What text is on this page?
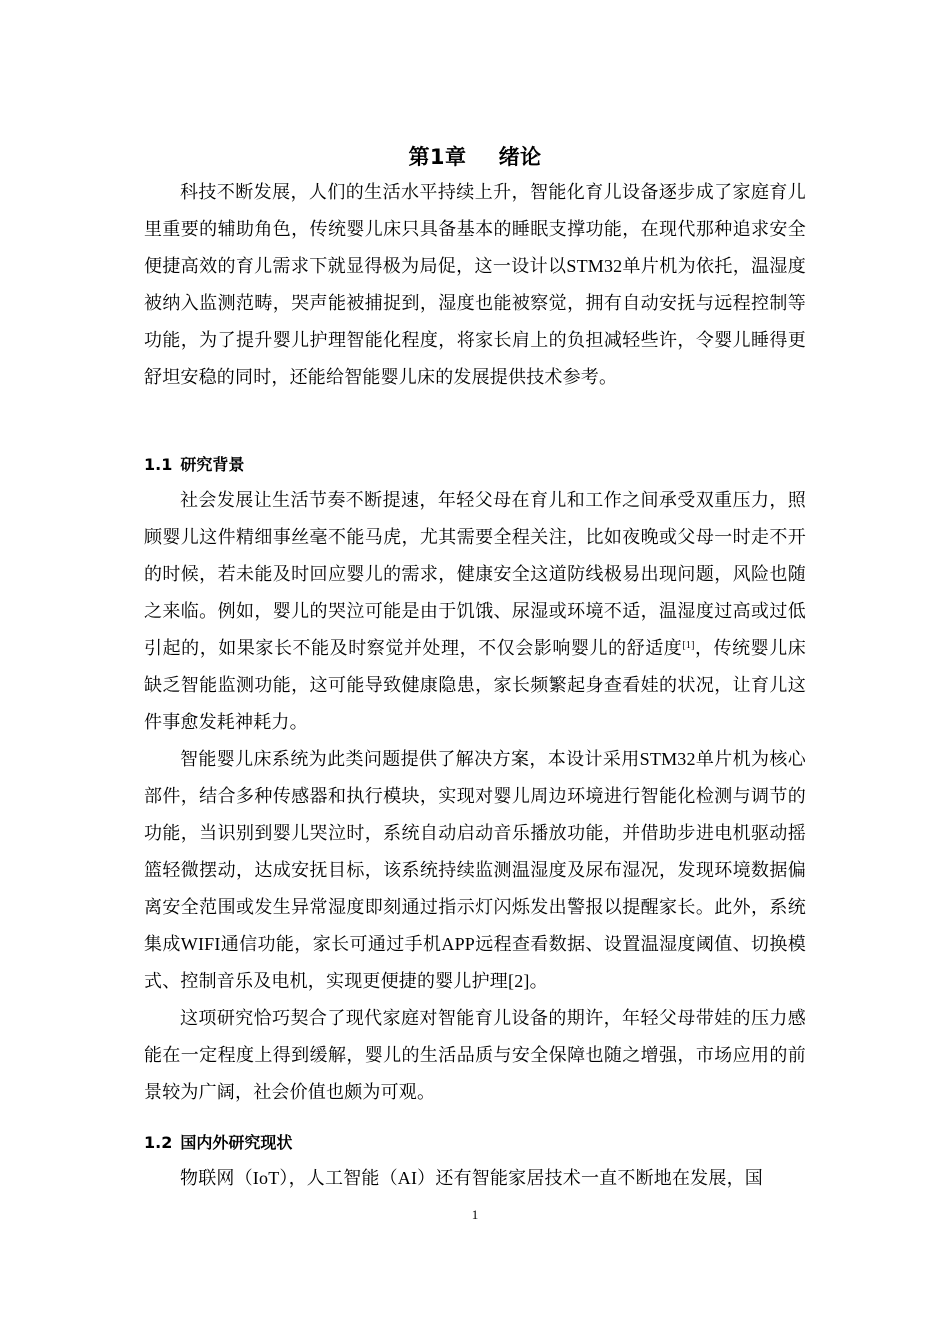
第1章 绪论

科技不断发展，人们的生活水平持续上升，智能化育儿设备逐步成了家庭育儿里重要的辅助角色，传统婴儿床只具备基本的睡眠支撑功能，在现代那种追求安全便捷高效的育儿需求下就显得极为局促，这一设计以STM32单片机为依托，温湿度被纳入监测范畴，哭声能被捕捉到，湿度也能被察觉，拥有自动安抚与远程控制等功能，为了提升婴儿护理智能化程度，将家长肩上的负担减轻些许，令婴儿睡得更舒坦安稳的同时，还能给智能婴儿床的发展提供技术参考。

1.1 研究背景

社会发展让生活节奏不断提速，年轻父母在育儿和工作之间承受双重压力，照顾婴儿这件精细事丝毫不能马虎，尤其需要全程关注，比如夜晚或父母一时走不开的时候，若未能及时回应婴儿的需求，健康安全这道防线极易出现问题，风险也随之来临。例如，婴儿的哭泣可能是由于饥饿、尿湿或环境不适，温湿度过高或过低引起的，如果家长不能及时察觉并处理，不仅会影响婴儿的舒适度[1]，传统婴儿床缺乏智能监测功能，这可能导致健康隐患，家长频繁起身查看娃的状况，让育儿这件事愈发耗神耗力。

智能婴儿床系统为此类问题提供了解决方案，本设计采用STM32单片机为核心部件，结合多种传感器和执行模块，实现对婴儿周边环境进行智能化检测与调节的功能，当识别到婴儿哭泣时，系统自动启动音乐播放功能，并借助步进电机驱动摇篮轻微摆动，达成安抚目标，该系统持续监测温湿度及尿布湿况，发现环境数据偏离安全范围或发生异常湿度即刻通过指示灯闪烁发出警报以提醒家长。此外，系统集成WIFI通信功能，家长可通过手机APP远程查看数据、设置温湿度阈值、切换模式、控制音乐及电机，实现更便捷的婴儿护理[2]。

这项研究恰巧契合了现代家庭对智能育儿设备的期许，年轻父母带娃的压力感能在一定程度上得到缓解，婴儿的生活品质与安全保障也随之增强，市场应用的前景较为广阔，社会价值也颇为可观。

1.2 国内外研究现状

物联网（IoT），人工智能（AI）还有智能家居技术一直不断地在发展，国

1
